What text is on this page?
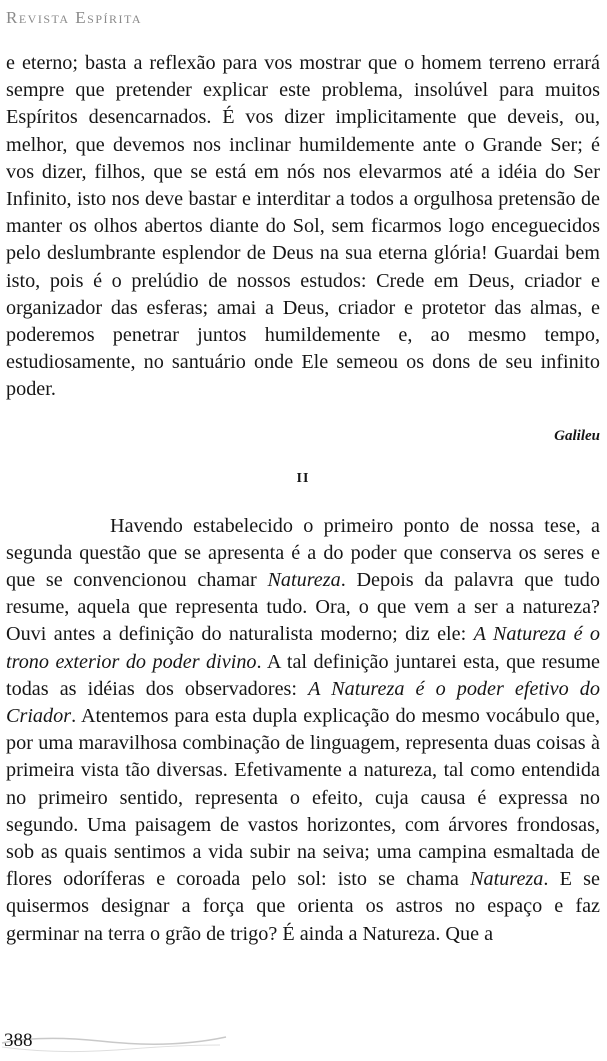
Revista Espírita

e eterno; basta a reflexão para vos mostrar que o homem terreno errará sempre que pretender explicar este problema, insolúvel para muitos Espíritos desencarnados. É vos dizer implicitamente que deveis, ou, melhor, que devemos nos inclinar humildemente ante o Grande Ser; é vos dizer, filhos, que se está em nós nos elevarmos até a idéia do Ser Infinito, isto nos deve bastar e interditar a todos a orgulhosa pretensão de manter os olhos abertos diante do Sol, sem ficarmos logo enceguecidos pelo deslumbrante esplendor de Deus na sua eterna glória! Guardai bem isto, pois é o prelúdio de nossos estudos: Crede em Deus, criador e organizador das esferas; amai a Deus, criador e protetor das almas, e poderemos penetrar juntos humildemente e, ao mesmo tempo, estudiosamente, no santuário onde Ele semeou os dons de seu infinito poder.

Galileu

II

Havendo estabelecido o primeiro ponto de nossa tese, a segunda questão que se apresenta é a do poder que conserva os seres e que se convencionou chamar Natureza. Depois da palavra que tudo resume, aquela que representa tudo. Ora, o que vem a ser a natureza? Ouvi antes a definição do naturalista moderno; diz ele: A Natureza é o trono exterior do poder divino. A tal definição juntarei esta, que resume todas as idéias dos observadores: A Natureza é o poder efetivo do Criador. Atentemos para esta dupla explicação do mesmo vocábulo que, por uma maravilhosa combinação de linguagem, representa duas coisas à primeira vista tão diversas. Efetivamente a natureza, tal como entendida no primeiro sentido, representa o efeito, cuja causa é expressa no segundo. Uma paisagem de vastos horizontes, com árvores frondosas, sob as quais sentimos a vida subir na seiva; uma campina esmaltada de flores odoríferas e coroada pelo sol: isto se chama Natureza. E se quisermos designar a força que orienta os astros no espaço e faz germinar na terra o grão de trigo? É ainda a Natureza. Que a

388
